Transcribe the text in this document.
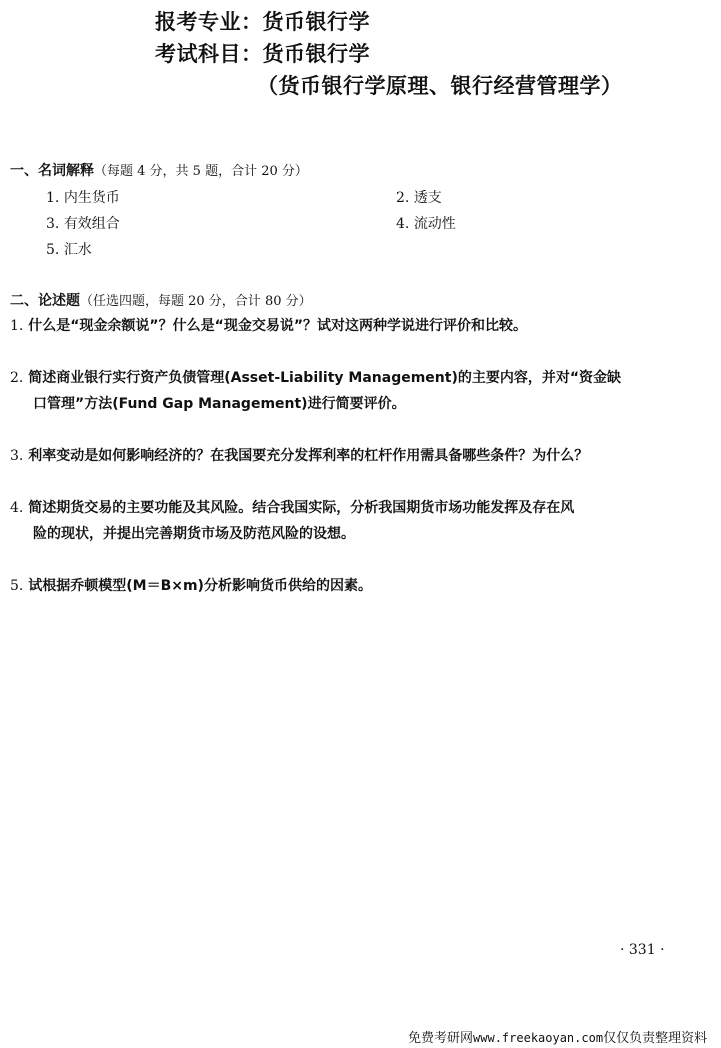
报考专业：货币银行学
考试科目：货币银行学
（货币银行学原理、银行经营管理学）
一、名词解释（每题 4 分，共 5 题，合计 20 分）
1. 内生货币	2. 透支
3. 有效组合	4. 流动性
5. 汇水
二、论述题（任选四题，每题 20 分，合计 80 分）
1. 什么是“现金余额说”？什么是“现金交易说”？试对这两种学说进行评价和比较。
2. 简述商业银行实行资产负债管理(Asset-Liability Management)的主要内容，并对“资金缺
口管理”方法(Fund Gap Management)进行简要评价。
3. 利率变动是如何影响经济的？在我国要充分发挥利率的杠杆作用需具备哪些条件？为什么？
4. 简述期货交易的主要功能及其风险。结合我国实际，分析我国期货市场功能发挥及存在风
险的现状，并提出完善期货市场及防范风险的设想。
5. 试根据乔顿模型(M＝B×m)分析影响货币供给的因素。
· 331 ·
免费考研网www.freekaoyan.com仅仅负责整理资料
